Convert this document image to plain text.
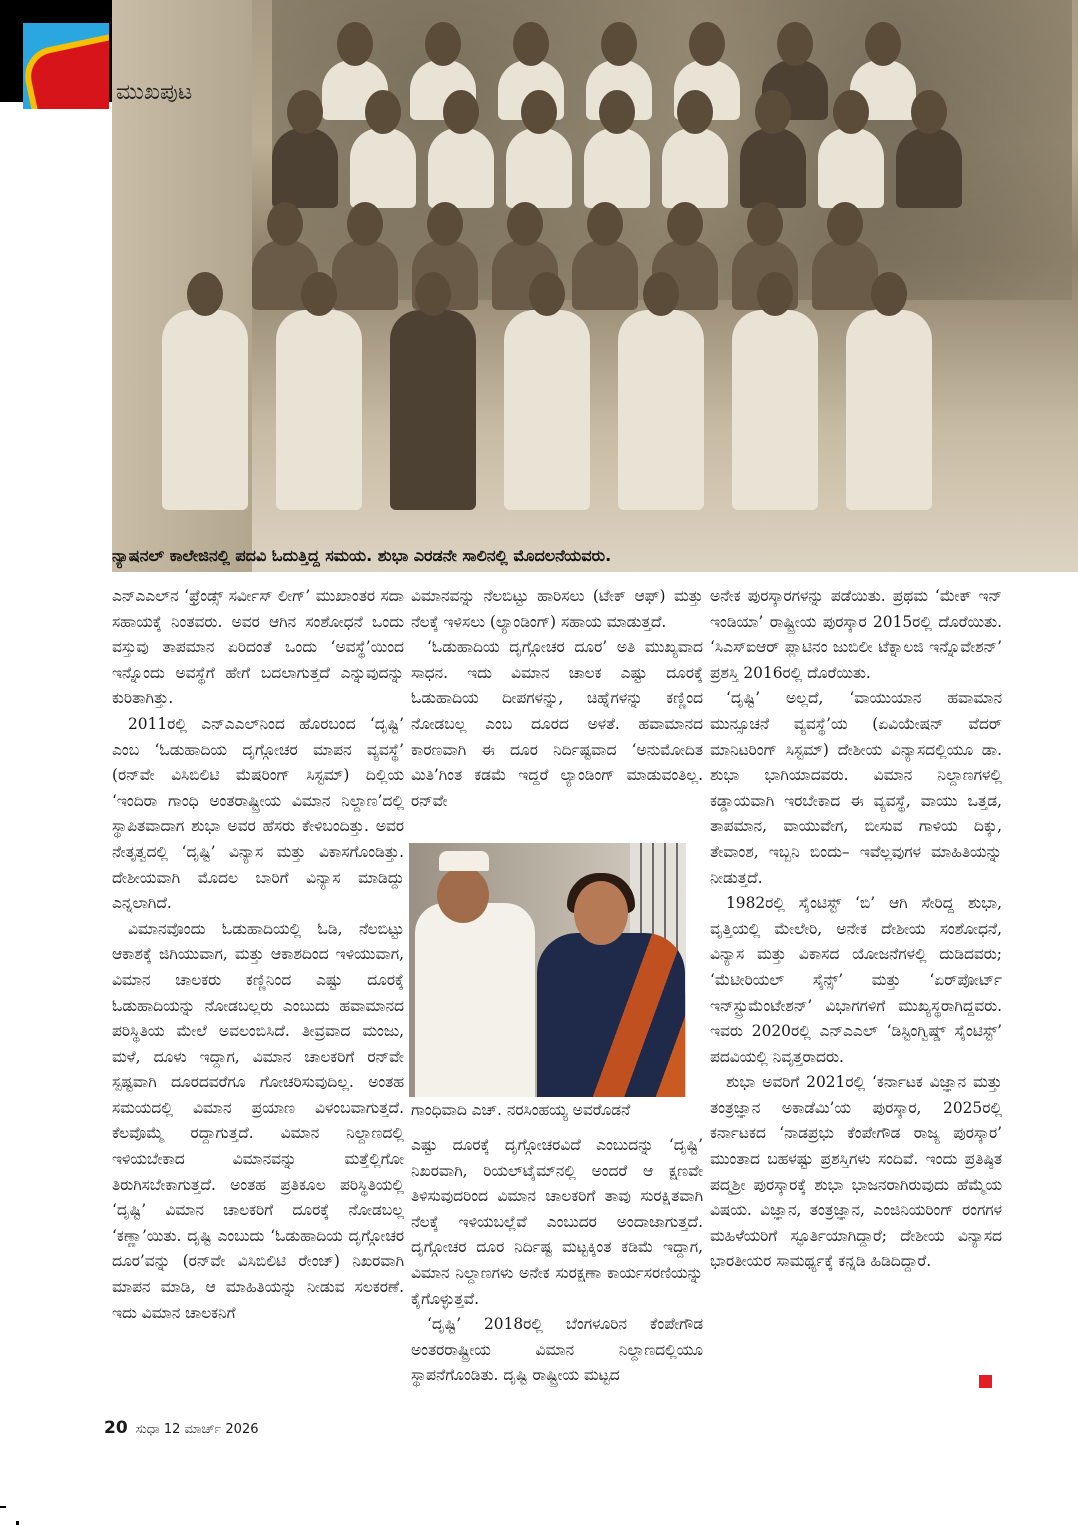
ಮುಖಪುಟ
ನ್ಯಾಷನಲ್ ಕಾಲೇಜಿನಲ್ಲಿ ಪದವಿ ಓದುತ್ತಿದ್ದ ಸಮಯ. ಶುಭಾ ಎರಡನೇ ಸಾಲಿನಲ್ಲಿ ಮೊದಲನೆಯವರು.

ಎನ್‌ಎಎಲ್‌ನ ‘ಫ್ರೆಂಡ್ಸ್ ಸರ್ವೀಸ್ ಲೀಗ್’ ಮುಖಾಂತರ ಸದಾ ಸಹಾಯಕ್ಕೆ ನಿಂತವರು. ಅವರ ಆಗಿನ ಸಂಶೋಧನೆ ಒಂದು ವಸ್ತುವು ತಾಪಮಾನ ಏರಿದಂತೆ ಒಂದು ‘ಅವಸ್ಥೆ’ಯಿಂದ ಇನ್ನೊಂದು ಅವಸ್ಥೆಗೆ ಹೇಗೆ ಬದಲಾಗುತ್ತದೆ ಎನ್ನುವುದನ್ನು ಕುರಿತಾಗಿತ್ತು.

2011ರಲ್ಲಿ ಎನ್‌ಎಎಲ್‌ನಿಂದ ಹೊರಬಂದ ‘ದೃಷ್ಟಿ’ ಎಂಬ ‘ಓಡುಹಾದಿಯ ದೃಗ್ಗೋಚರ ಮಾಪನ ವ್ಯವಸ್ಥೆ’ (ರನ್‌ವೇ ವಿಸಿಬಿಲಿಟಿ ಮೆಷರಿಂಗ್ ಸಿಸ್ಟಮ್) ದಿಲ್ಲಿಯ ‘ಇಂದಿರಾ ಗಾಂಧಿ ಅಂತರಾಷ್ಟ್ರೀಯ ವಿಮಾನ ನಿಲ್ದಾಣ’ದಲ್ಲಿ ಸ್ಥಾಪಿತವಾದಾಗ ಶುಭಾ ಅವರ ಹೆಸರು ಕೇಳಿಬಂದಿತ್ತು. ಅವರ ನೇತೃತ್ವದಲ್ಲಿ ‘ದೃಷ್ಟಿ’ ವಿನ್ಯಾಸ ಮತ್ತು ವಿಕಾಸಗೊಂಡಿತ್ತು. ದೇಶೀಯವಾಗಿ ಮೊದಲ ಬಾರಿಗೆ ವಿನ್ಯಾಸ ಮಾಡಿದ್ದು ಎನ್ನಲಾಗಿದೆ.

ವಿಮಾನವೊಂದು ಓಡುಹಾದಿಯಲ್ಲಿ ಓಡಿ, ನೆಲಬಿಟ್ಟು ಆಕಾಶಕ್ಕೆ ಜಿಗಿಯುವಾಗ, ಮತ್ತು ಆಕಾಶದಿಂದ ಇಳಿಯುವಾಗ, ವಿಮಾನ ಚಾಲಕರು ಕಣ್ಣಿನಿಂದ ಎಷ್ಟು ದೂರಕ್ಕೆ ಓಡುಹಾದಿಯನ್ನು ನೋಡಬಲ್ಲರು ಎಂಬುದು ಹವಾಮಾನದ ಪರಿಸ್ಥಿತಿಯ ಮೇಲೆ ಅವಲಂಬಿಸಿದೆ. ತೀವ್ರವಾದ ಮಂಜು, ಮಳೆ, ದೂಳು ಇದ್ದಾಗ, ವಿಮಾನ ಚಾಲಕರಿಗೆ ರನ್‌ವೇ ಸ್ಪಷ್ಟವಾಗಿ ದೂರದವರೆಗೂ ಗೋಚರಿಸುವುದಿಲ್ಲ. ಅಂತಹ ಸಮಯದಲ್ಲಿ ವಿಮಾನ ಪ್ರಯಾಣ ವಿಳಂಬವಾಗುತ್ತದೆ. ಕೆಲವೊಮ್ಮೆ ರದ್ದಾಗುತ್ತದೆ. ವಿಮಾನ ನಿಲ್ದಾಣದಲ್ಲಿ ಇಳಿಯಬೇಕಾದ ವಿಮಾನವನ್ನು ಮತ್ತೆಲ್ಲಿಗೋ ತಿರುಗಿಸಬೇಕಾಗುತ್ತದೆ. ಅಂತಹ ಪ್ರತಿಕೂಲ ಪರಿಸ್ಥಿತಿಯಲ್ಲಿ ‘ದೃಷ್ಟಿ’ ವಿಮಾನ ಚಾಲಕರಿಗೆ ದೂರಕ್ಕೆ ನೋಡಬಲ್ಲ ‘ಕಣ್ಣಾ’ಯಿತು. ದೃಷ್ಟಿ ಎಂಬುದು ‘ಓಡುಹಾದಿಯ ದೃಗ್ಗೋಚರ ದೂರ’ವನ್ನು (ರನ್‌ವೇ ವಿಸಿಬಿಲಿಟಿ ರೇಂಜ್) ನಿಖರವಾಗಿ ಮಾಪನ ಮಾಡಿ, ಆ ಮಾಹಿತಿಯನ್ನು ನೀಡುವ ಸಲಕರಣೆ. ಇದು ವಿಮಾನ ಚಾಲಕನಿಗೆ

ವಿಮಾನವನ್ನು ನೆಲಬಿಟ್ಟು ಹಾರಿಸಲು (ಟೇಕ್ ಆಫ್) ಮತ್ತು ನೆಲಕ್ಕೆ ಇಳಿಸಲು (ಲ್ಯಾಂಡಿಂಗ್) ಸಹಾಯ ಮಾಡುತ್ತದೆ.

‘ಓಡುಹಾದಿಯ ದೃಗ್ಗೋಚರ ದೂರ’ ಅತಿ ಮುಖ್ಯವಾದ ಸಾಧನ. ಇದು ವಿಮಾನ ಚಾಲಕ ಎಷ್ಟು ದೂರಕ್ಕೆ ಓಡುಹಾದಿಯ ದೀಪಗಳನ್ನು, ಚಿಹ್ನೆಗಳನ್ನು ಕಣ್ಣಿಂದ ನೋಡಬಲ್ಲ ಎಂಬ ದೂರದ ಅಳತೆ. ಹವಾಮಾನದ ಕಾರಣವಾಗಿ ಈ ದೂರ ನಿರ್ದಿಷ್ಟವಾದ ‘ಅನುಮೋದಿತ ಮಿತಿ’ಗಿಂತ ಕಡಮೆ ಇದ್ದರೆ ಲ್ಯಾಂಡಿಂಗ್ ಮಾಡುವಂತಿಲ್ಲ. ರನ್‌ವೇ

ಗಾಂಧಿವಾದಿ ಎಚ್. ನರಸಿಂಹಯ್ಯ ಅವರೊಡನೆ

ಎಷ್ಟು ದೂರಕ್ಕೆ ದೃಗ್ಗೋಚರವಿದೆ ಎಂಬುದನ್ನು ‘ದೃಷ್ಟಿ’ ನಿಖರವಾಗಿ, ರಿಯಲ್‌ಟೈಮ್‌ನಲ್ಲಿ ಅಂದರೆ ಆ ಕ್ಷಣವೇ ತಿಳಿಸುವುದರಿಂದ ವಿಮಾನ ಚಾಲಕರಿಗೆ ತಾವು ಸುರಕ್ಷಿತವಾಗಿ ನೆಲಕ್ಕೆ ಇಳಿಯಬಲ್ಲೆವೆ ಎಂಬುದರ ಅಂದಾಜಾಗುತ್ತದೆ. ದೃಗ್ಗೋಚರ ದೂರ ನಿರ್ದಿಷ್ಟ ಮಟ್ಟಕ್ಕಿಂತ ಕಡಿಮೆ ಇದ್ದಾಗ, ವಿಮಾನ ನಿಲ್ದಾಣಗಳು ಅನೇಕ ಸುರಕ್ಷಣಾ ಕಾರ್ಯಸರಣಿಯನ್ನು ಕೈಗೊಳ್ಳುತ್ತವೆ.

‘ದೃಷ್ಟಿ’ 2018ರಲ್ಲಿ ಬೆಂಗಳೂರಿನ ಕೆಂಪೇಗೌಡ ಅಂತರರಾಷ್ಟ್ರೀಯ ವಿಮಾನ ನಿಲ್ದಾಣದಲ್ಲಿಯೂ ಸ್ಥಾಪನೆಗೊಂಡಿತು. ದೃಷ್ಟಿ ರಾಷ್ಟ್ರೀಯ ಮಟ್ಟದ

ಅನೇಕ ಪುರಸ್ಕಾರಗಳನ್ನು ಪಡೆಯಿತು. ಪ್ರಥಮ ‘ಮೇಕ್ ಇನ್ ಇಂಡಿಯಾ’ ರಾಷ್ಟ್ರೀಯ ಪುರಸ್ಕಾರ 2015ರಲ್ಲಿ ದೊರೆಯಿತು. ‘ಸಿಎಸ್‌ಐಆರ್ ಪ್ಲಾಟಿನಂ ಜುಬಿಲೀ ಟೆಕ್ನಾಲಜಿ ಇನ್ನೊವೇಶನ್’ ಪ್ರಶಸ್ತಿ 2016ರಲ್ಲಿ ದೊರೆಯಿತು.

‘ದೃಷ್ಟಿ’ ಅಲ್ಲದೆ, ‘ವಾಯುಯಾನ ಹವಾಮಾನ ಮುನ್ಸೂಚನೆ ವ್ಯವಸ್ಥೆ’ಯ (ಏವಿಯೇಷನ್ ವೆದರ್ ಮಾನಿಟರಿಂಗ್ ಸಿಸ್ಟಮ್) ದೇಶೀಯ ವಿನ್ಯಾಸದಲ್ಲಿಯೂ ಡಾ. ಶುಭಾ ಭಾಗಿಯಾದವರು. ವಿಮಾನ ನಿಲ್ದಾಣಗಳಲ್ಲಿ ಕಡ್ಡಾಯವಾಗಿ ಇರಬೇಕಾದ ಈ ವ್ಯವಸ್ಥೆ, ವಾಯು ಒತ್ತಡ, ತಾಪಮಾನ, ವಾಯುವೇಗ, ಬೀಸುವ ಗಾಳಿಯ ದಿಕ್ಕು, ತೇವಾಂಶ, ಇಬ್ಬನಿ ಬಿಂದು– ಇವೆಲ್ಲವುಗಳ ಮಾಹಿತಿಯನ್ನು ನೀಡುತ್ತದೆ.

1982ರಲ್ಲಿ ಸೈಂಟಿಸ್ಟ್ ‘ಬಿ’ ಆಗಿ ಸೇರಿದ್ದ ಶುಭಾ, ವೃತ್ತಿಯಲ್ಲಿ ಮೇಲೇರಿ, ಅನೇಕ ದೇಶೀಯ ಸಂಶೋಧನೆ, ವಿನ್ಯಾಸ ಮತ್ತು ವಿಕಾಸದ ಯೋಜನೆಗಳಲ್ಲಿ ದುಡಿದವರು; ‘ಮೆಟೀರಿಯಲ್ ಸೈನ್ಸ್’ ಮತ್ತು ‘ಏರ್‌ಪೋರ್ಟ್ ಇನ್‌ಸ್ಟ್ರುಮೆಂಟೇಶನ್’ ವಿಭಾಗಗಳಿಗೆ ಮುಖ್ಯಸ್ಥರಾಗಿದ್ದವರು. ಇವರು 2020ರಲ್ಲಿ ಎನ್‌ಎಎಲ್ ‘ಡಿಸ್ಟಿಂಗ್ವಿಷ್ಡ್ ಸೈಂಟಿಸ್ಟ್’ ಪದವಿಯಲ್ಲಿ ನಿವೃತ್ತರಾದರು.

ಶುಭಾ ಅವರಿಗೆ 2021ರಲ್ಲಿ ‘ಕರ್ನಾಟಕ ವಿಜ್ಞಾನ ಮತ್ತು ತಂತ್ರಜ್ಞಾನ ಅಕಾಡೆಮಿ’ಯ ಪುರಸ್ಕಾರ, 2025ರಲ್ಲಿ ಕರ್ನಾಟಕದ ‘ನಾಡಪ್ರಭು ಕೆಂಪೇಗೌಡ ರಾಜ್ಯ ಪುರಸ್ಕಾರ’ ಮುಂತಾದ ಬಹಳಷ್ಟು ಪ್ರಶಸ್ತಿಗಳು ಸಂದಿವೆ. ಇಂದು ಪ್ರತಿಷ್ಠಿತ ಪದ್ಮಶ್ರೀ ಪುರಸ್ಕಾರಕ್ಕೆ ಶುಭಾ ಭಾಜನರಾಗಿರುವುದು ಹೆಮ್ಮೆಯ ವಿಷಯ. ವಿಜ್ಞಾನ, ತಂತ್ರಜ್ಞಾನ, ಎಂಜಿನಿಯರಿಂಗ್ ರಂಗಗಳ ಮಹಿಳೆಯರಿಗೆ ಸ್ಫೂರ್ತಿಯಾಗಿದ್ದಾರೆ; ದೇಶೀಯ ವಿನ್ಯಾಸದ ಭಾರತೀಯರ ಸಾಮರ್ಥ್ಯಕ್ಕೆ ಕನ್ನಡಿ ಹಿಡಿದಿದ್ದಾರೆ.

20 ಸುಧಾ 12 ಮಾರ್ಚ್ 2026
